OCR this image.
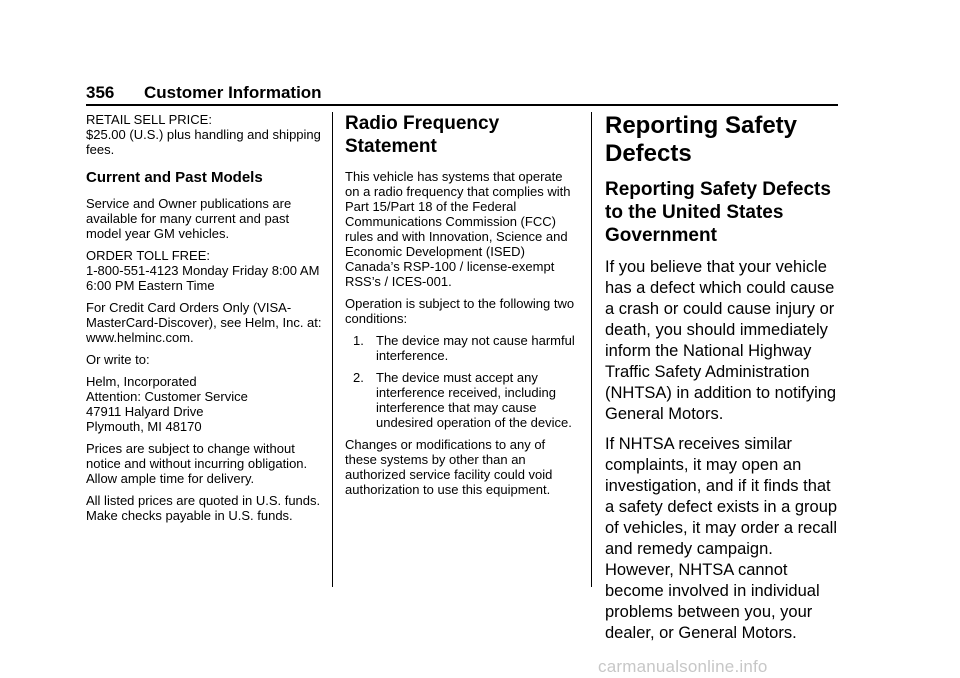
356 Customer Information

RETAIL SELL PRICE:
$25.00 (U.S.) plus handling and shipping fees.

Current and Past Models

Service and Owner publications are available for many current and past model year GM vehicles.

ORDER TOLL FREE:
1-800-551-4123 Monday Friday 8:00 AM 6:00 PM Eastern Time

For Credit Card Orders Only (VISA-MasterCard-Discover), see Helm, Inc. at: www.helminc.com.

Or write to:

Helm, Incorporated
Attention: Customer Service
47911 Halyard Drive
Plymouth, MI 48170

Prices are subject to change without notice and without incurring obligation. Allow ample time for delivery.

All listed prices are quoted in U.S. funds. Make checks payable in U.S. funds.

Radio Frequency Statement

This vehicle has systems that operate on a radio frequency that complies with Part 15/Part 18 of the Federal Communications Commission (FCC) rules and with Innovation, Science and Economic Development (ISED) Canada’s RSP-100 / license-exempt RSS’s / ICES-001.

Operation is subject to the following two conditions:

1. The device may not cause harmful interference.
2. The device must accept any interference received, including interference that may cause undesired operation of the device.

Changes or modifications to any of these systems by other than an authorized service facility could void authorization to use this equipment.

Reporting Safety Defects
Reporting Safety Defects to the United States Government

If you believe that your vehicle has a defect which could cause a crash or could cause injury or death, you should immediately inform the National Highway Traffic Safety Administration (NHTSA) in addition to notifying General Motors.

If NHTSA receives similar complaints, it may open an investigation, and if it finds that a safety defect exists in a group of vehicles, it may order a recall and remedy campaign. However, NHTSA cannot become involved in individual problems between you, your dealer, or General Motors.

carmanualsonline.info
